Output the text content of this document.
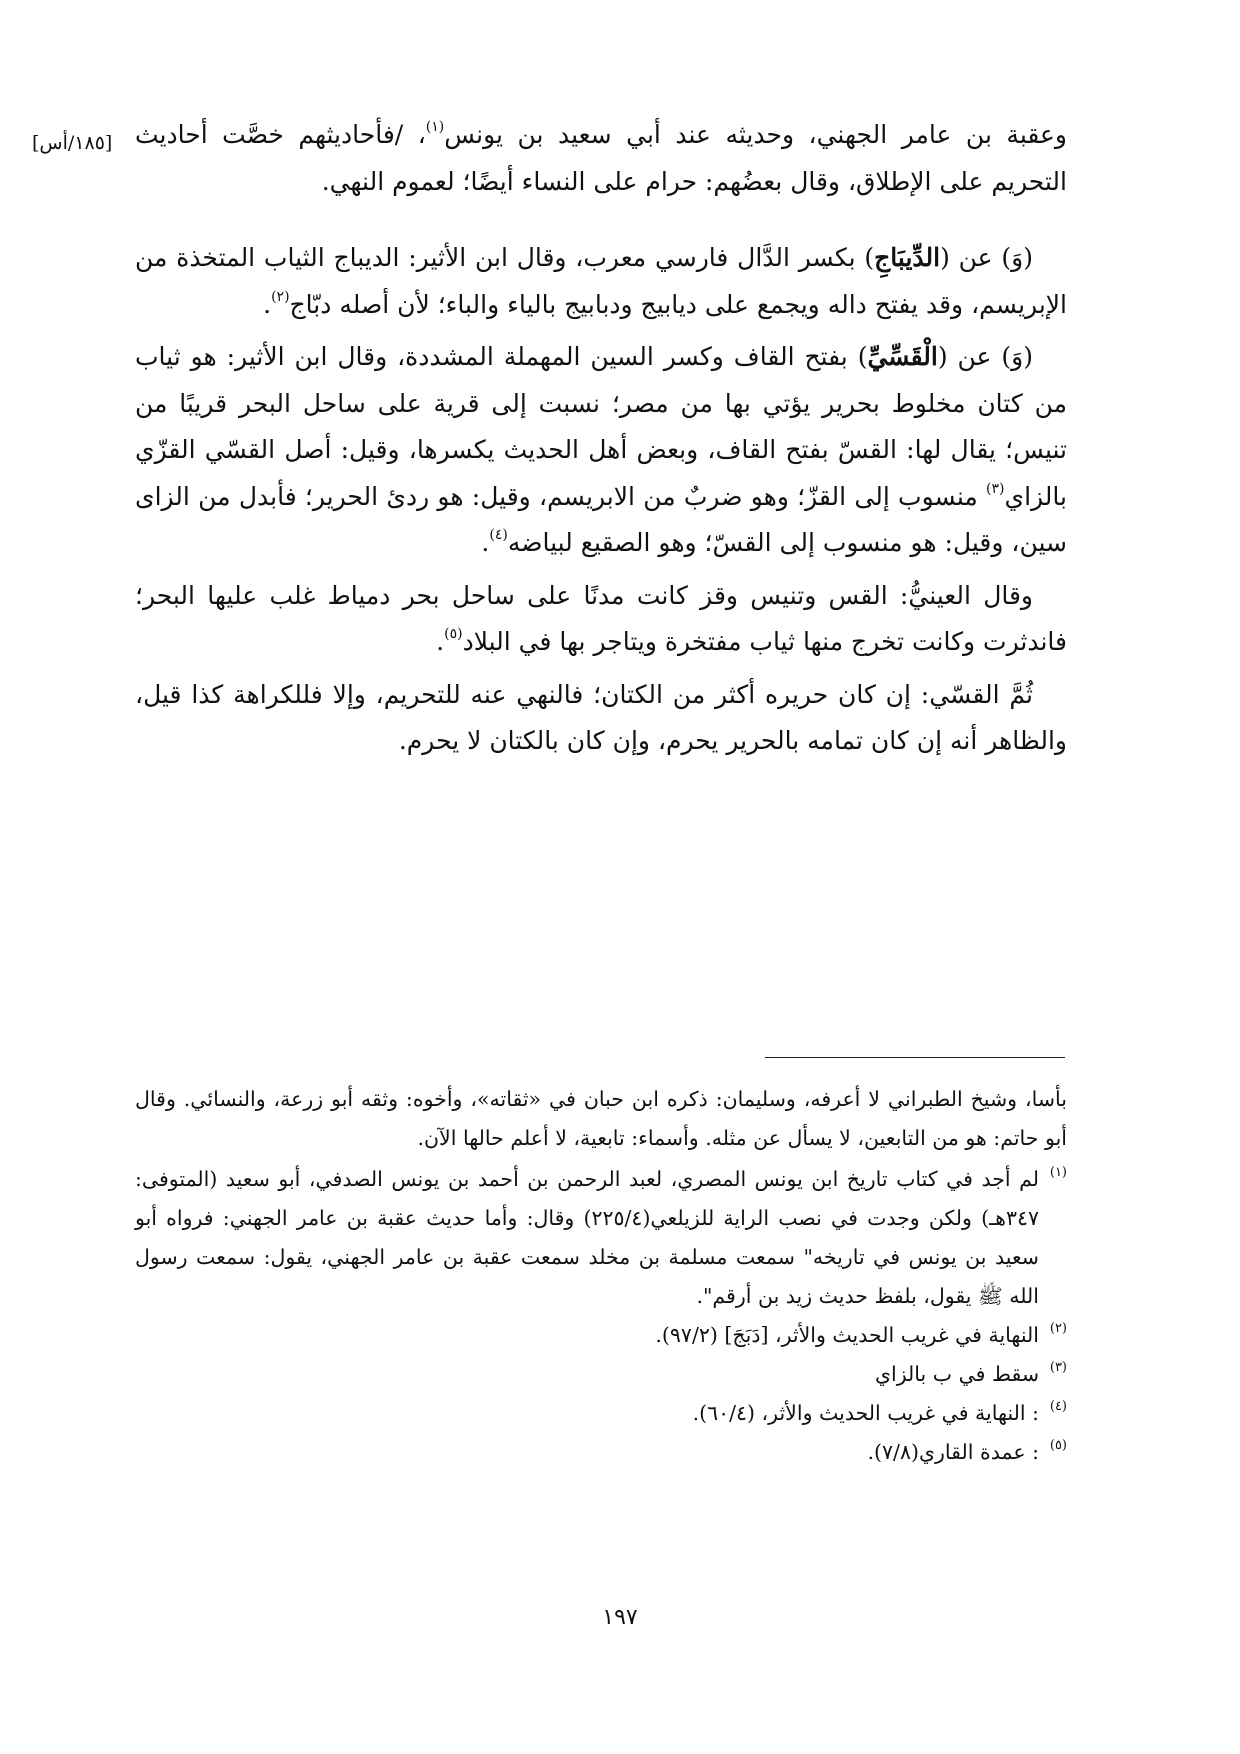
[١٨٥/أس]	وعقبة بن عامر الجهني، وحديثه عند أبي سعيد بن يونس$^{(١)}$، /فأحاديثهم خصَّت أحاديث التحريم على الإطلاق، وقال بعضُهم: حرام على النساء أيضًا؛ لعموم النهي.

(وَ) عن (الدِّيبَاجِ) بكسر الدَّال فارسي معرب، وقال ابن الأثير: الديباج الثياب المتخذة من الإبريسم، وقد يفتح داله ويجمع على ديابيج ودبابيج بالياء والباء؛ لأن أصله دبّاج$^{(٢)}$.

(وَ) عن (الْقَسِّيِّ) بفتح القاف وكسر السين المهملة المشددة، وقال ابن الأثير: هو ثياب من كتان مخلوط بحرير يؤتي بها من مصر؛ نسبت إلى قرية على ساحل البحر قريبًا من تنيس؛ يقال لها: القسّ بفتح القاف، وبعض أهل الحديث يكسرها، وقيل: أصل القسّي القزّي بالزاي$^{(٣)}$ منسوب إلى القزّ؛ وهو ضربٌ من الابريسم، وقيل: هو ردئ الحرير؛ فأبدل من الزاى سين، وقيل: هو منسوب إلى القسّ؛ وهو الصقيع لبياضه$^{(٤)}$.

وقال العينيُّ: القس وتنيس وقز كانت مدنًا على ساحل بحر دمياط غلب عليها البحر؛ فاندثرت وكانت تخرج منها ثياب مفتخرة ويتاجر بها في البلاد$^{(٥)}$.

ثُمَّ القسّي: إن كان حريره أكثر من الكتان؛ فالنهي عنه للتحريم، وإلا فللكراهة كذا قيل، والظاهر أنه إن كان تمامه بالحرير يحرم، وإن كان بالكتان لا يحرم.

بأسا، وشيخ الطبراني لا أعرفه، وسليمان: ذكره ابن حبان في «ثقاته»، وأخوه: وثقه أبو زرعة، والنسائي. وقال أبو حاتم: هو من التابعين، لا يسأل عن مثله. وأسماء: تابعية، لا أعلم حالها الآن.

(١)لم أجد في كتاب تاريخ ابن يونس المصري، لعبد الرحمن بن أحمد بن يونس الصدفي، أبو سعيد (المتوفى: ٣٤٧هـ) ولكن وجدت في نصب الراية للزيلعي(٢٢٥/٤) وقال: وأما حديث عقبة بن عامر الجهني: فرواه أبو سعيد بن يونس في تاريخه" سمعت مسلمة بن مخلد سمعت عقبة بن عامر الجهني، يقول: سمعت رسول الله ﷺ يقول، بلفظ حديث زيد بن أرقم".

(٢)النهاية في غريب الحديث والأثر، [دَبَجَ] (٩٧/٢).

(٣)سقط في ب بالزاي

(٤): النهاية في غريب الحديث والأثر، (٦٠/٤).

(٥): عمدة القاري(٧/٨).

١٩٧
